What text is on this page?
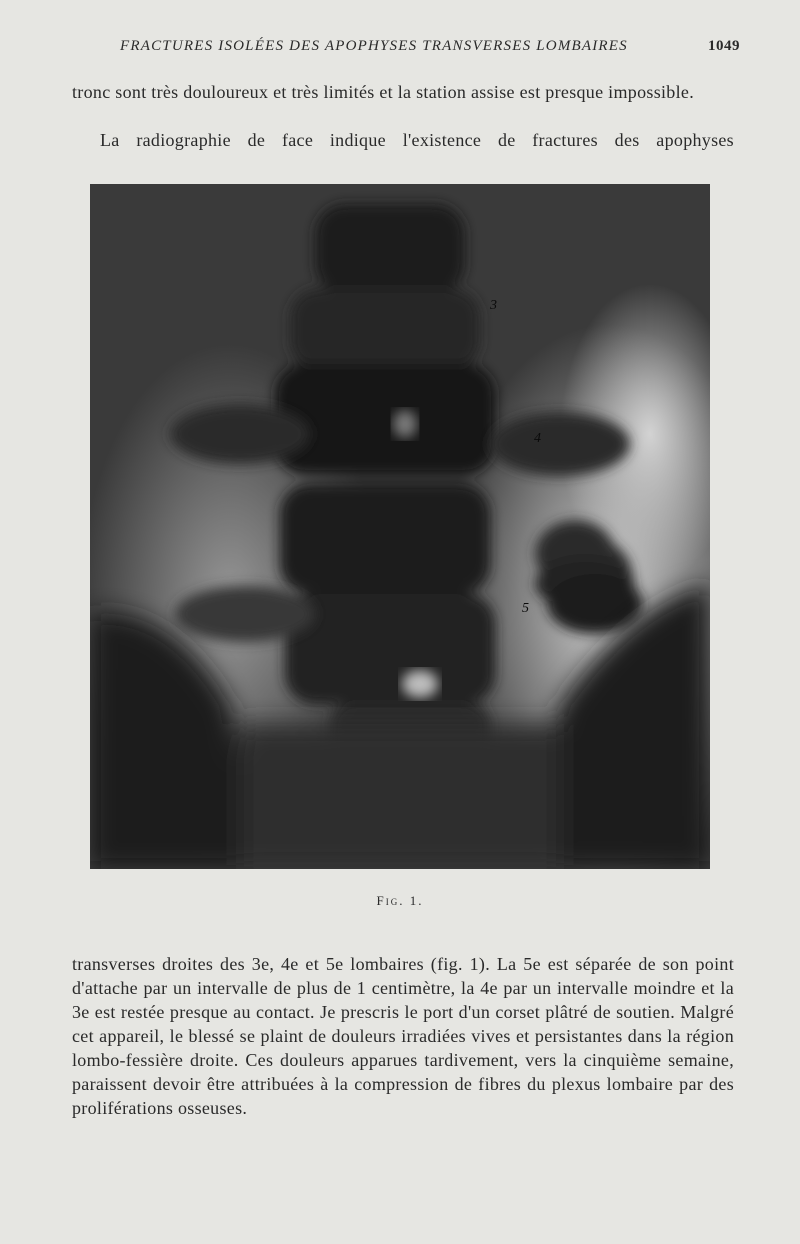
FRACTURES ISOLÉES DES APOPHYSES TRANSVERSES LOMBAIRES	1049

tronc sont très douloureux et très limités et la station assise est presque impossible.

La radiographie de face indique l'existence de fractures des apophyses

3
4
5
Fig. 1.

transverses droites des 3e, 4e et 5e lombaires (fig. 1). La 5e est séparée de son point d'attache par un intervalle de plus de 1 centimètre, la 4e par un intervalle moindre et la 3e est restée presque au contact. Je prescris le port d'un corset plâtré de soutien. Malgré cet appareil, le blessé se plaint de douleurs irradiées vives et persistantes dans la région lombo-fessière droite. Ces douleurs apparues tardivement, vers la cinquième semaine, paraissent devoir être attribuées à la compression de fibres du plexus lombaire par des proliférations osseuses.
